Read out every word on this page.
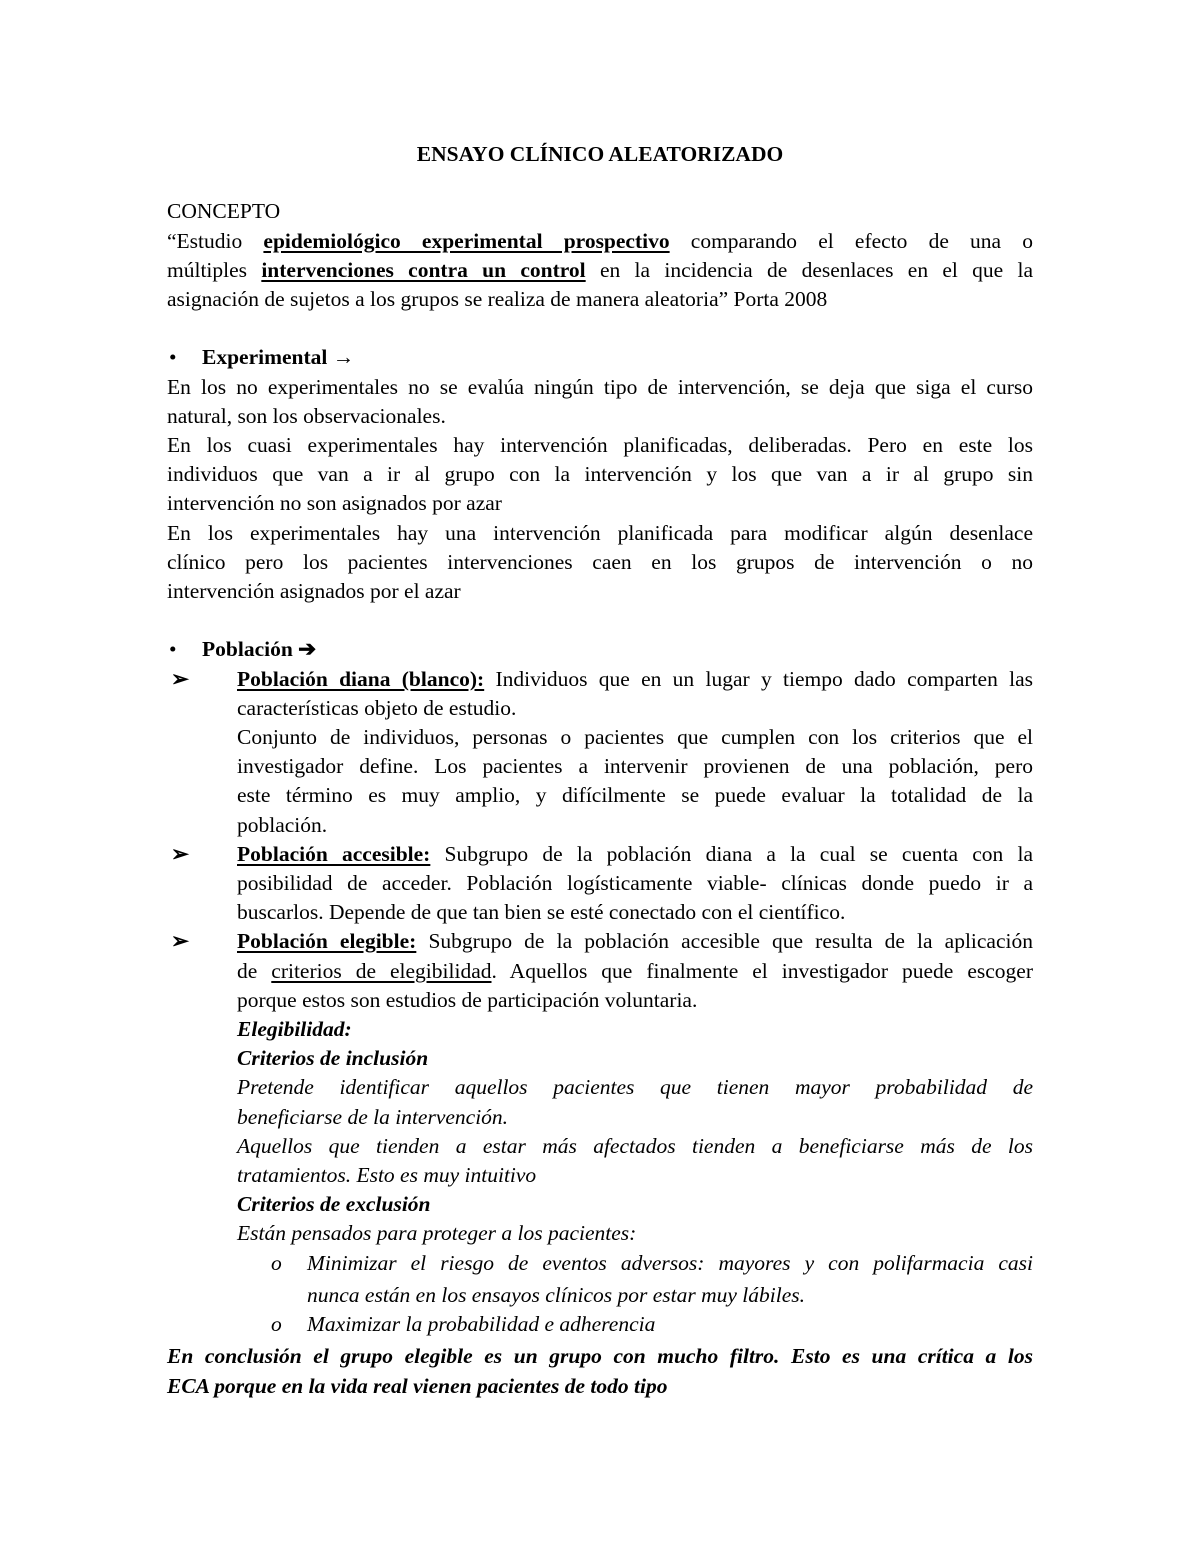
ENSAYO CLÍNICO ALEATORIZADO
CONCEPTO
“Estudio epidemiológico experimental prospectivo comparando el efecto de una o
múltiples intervenciones contra un control en la incidencia de desenlaces en el que la
asignación de sujetos a los grupos se realiza de manera aleatoria” Porta 2008
• Experimental →
En los no experimentales no se evalúa ningún tipo de intervención, se deja que siga el curso
natural, son los observacionales.
En los cuasi experimentales hay intervención planificadas, deliberadas. Pero en este los
individuos que van a ir al grupo con la intervención y los que van a ir al grupo sin
intervención no son asignados por azar
En los experimentales hay una intervención planificada para modificar algún desenlace
clínico pero los pacientes intervenciones caen en los grupos de intervención o no
intervención asignados por el azar
• Población ➔
➢ Población diana (blanco): Individuos que en un lugar y tiempo dado comparten las
características objeto de estudio.
Conjunto de individuos, personas o pacientes que cumplen con los criterios que el
investigador define. Los pacientes a intervenir provienen de una población, pero
este término es muy amplio, y difícilmente se puede evaluar la totalidad de la
población.
➢ Población accesible: Subgrupo de la población diana a la cual se cuenta con la
posibilidad de acceder. Población logísticamente viable- clínicas donde puedo ir a
buscarlos. Depende de que tan bien se esté conectado con el científico.
➢ Población elegible: Subgrupo de la población accesible que resulta de la aplicación
de criterios de elegibilidad. Aquellos que finalmente el investigador puede escoger
porque estos son estudios de participación voluntaria.
Elegibilidad:
Criterios de inclusión
Pretende identificar aquellos pacientes que tienen mayor probabilidad de
beneficiarse de la intervención.
Aquellos que tienden a estar más afectados tienden a beneficiarse más de los
tratamientos. Esto es muy intuitivo
Criterios de exclusión
Están pensados para proteger a los pacientes:
o Minimizar el riesgo de eventos adversos: mayores y con polifarmacia casi
nunca están en los ensayos clínicos por estar muy lábiles.
o Maximizar la probabilidad e adherencia
En conclusión el grupo elegible es un grupo con mucho filtro. Esto es una crítica a los
ECA porque en la vida real vienen pacientes de todo tipo
